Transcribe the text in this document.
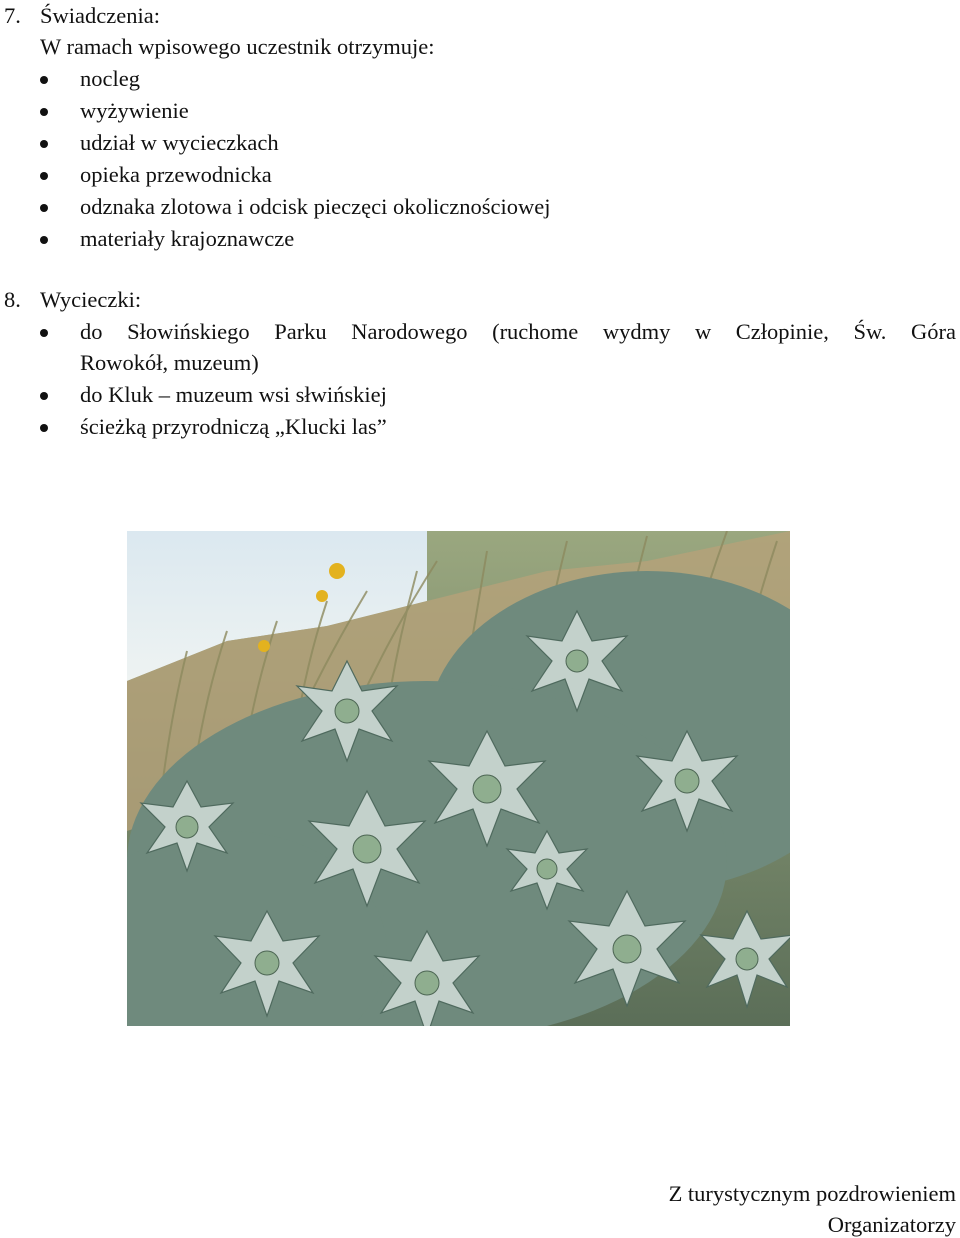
7. Świadczenia:
W ramach wpisowego uczestnik otrzymuje:
nocleg
wyżywienie
udział w wycieczkach
opieka przewodnicka
odznaka zlotowa i odcisk pieczęci okolicznościowej
materiały krajoznawcze
8. Wycieczki:
do Słowińskiego Parku Narodowego (ruchome wydmy w Człopinie, Św. Góra
Rowokół, muzeum)
do Kluk – muzeum wsi słwińskiej
ścieżką przyrodniczą „Klucki las”
Z turystycznym pozdrowieniem
Organizatorzy
